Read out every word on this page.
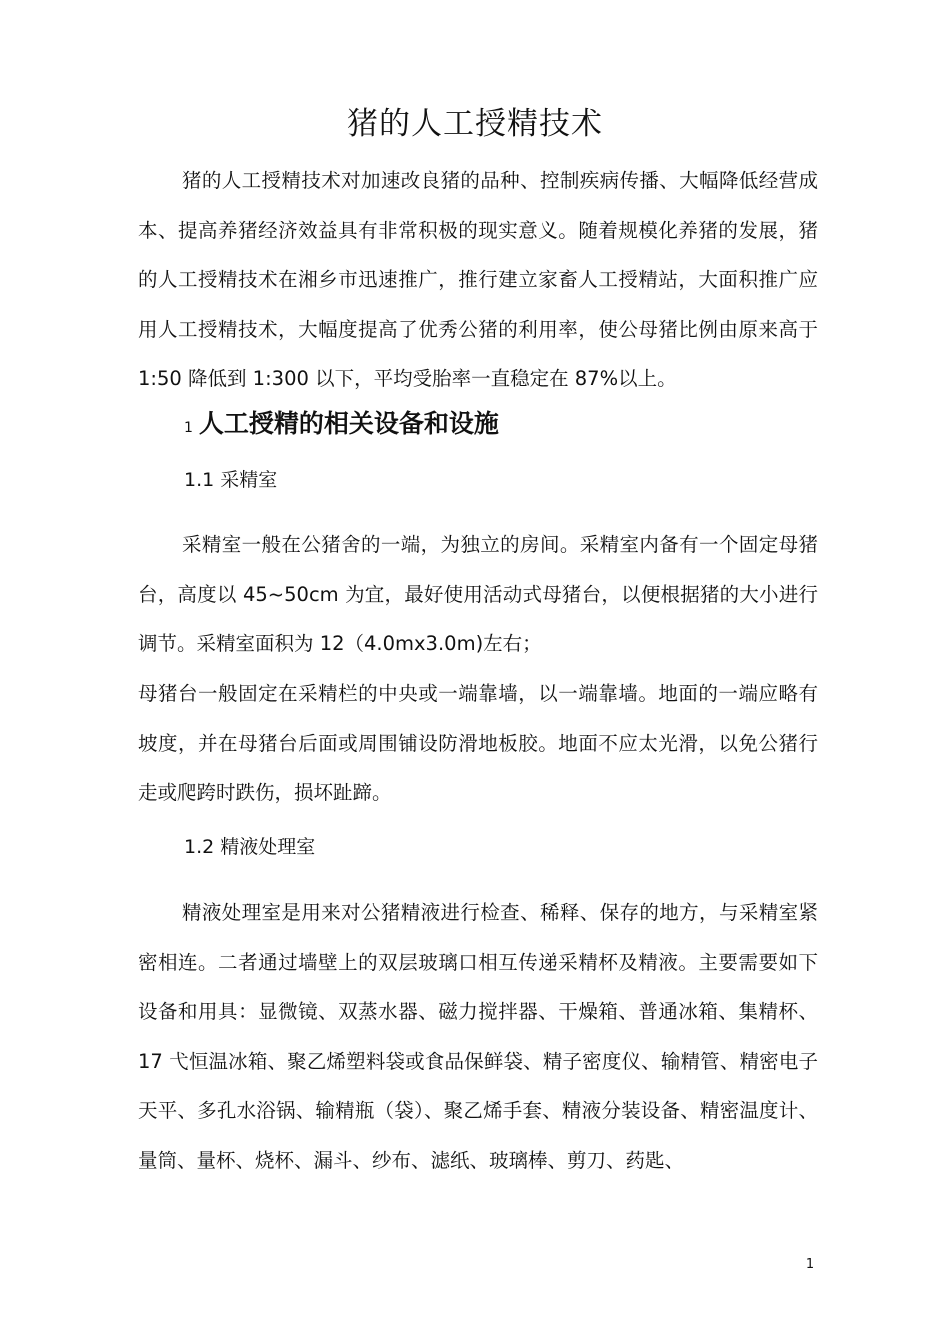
猪的人工授精技术

猪的人工授精技术对加速改良猪的品种、控制疾病传播、大幅降低经营成本、提高养猪经济效益具有非常积极的现实意义。随着规模化养猪的发展，猪的人工授精技术在湘乡市迅速推广，推行建立家畜人工授精站，大面积推广应用人工授精技术，大幅度提高了优秀公猪的利用率，使公母猪比例由原来高于 1:50 降低到 1:300 以下，平均受胎率一直稳定在 87%以上。

1 人工授精的相关设备和设施
1.1 采精室

采精室一般在公猪舍的一端，为独立的房间。采精室内备有一个固定母猪台，高度以 45~50cm 为宜，最好使用活动式母猪台，以便根据猪的大小进行调节。采精室面积为 12（4.0mx3.0m)左右；

母猪台一般固定在采精栏的中央或一端靠墙，以一端靠墙。地面的一端应略有坡度，并在母猪台后面或周围铺设防滑地板胶。地面不应太光滑，以免公猪行走或爬跨时跌伤，损坏趾蹄。

1.2 精液处理室

精液处理室是用来对公猪精液进行检查、稀释、保存的地方，与采精室紧密相连。二者通过墙壁上的双层玻璃口相互传递采精杯及精液。主要需要如下设备和用具：显微镜、双蒸水器、磁力搅拌器、干燥箱、普通冰箱、集精杯、17 弋恒温冰箱、聚乙烯塑料袋或食品保鲜袋、精子密度仪、输精管、精密电子天平、多孔水浴锅、输精瓶（袋）、聚乙烯手套、精液分装设备、精密温度计、量筒、量杯、烧杯、漏斗、纱布、滤纸、玻璃棒、剪刀、药匙、

1
